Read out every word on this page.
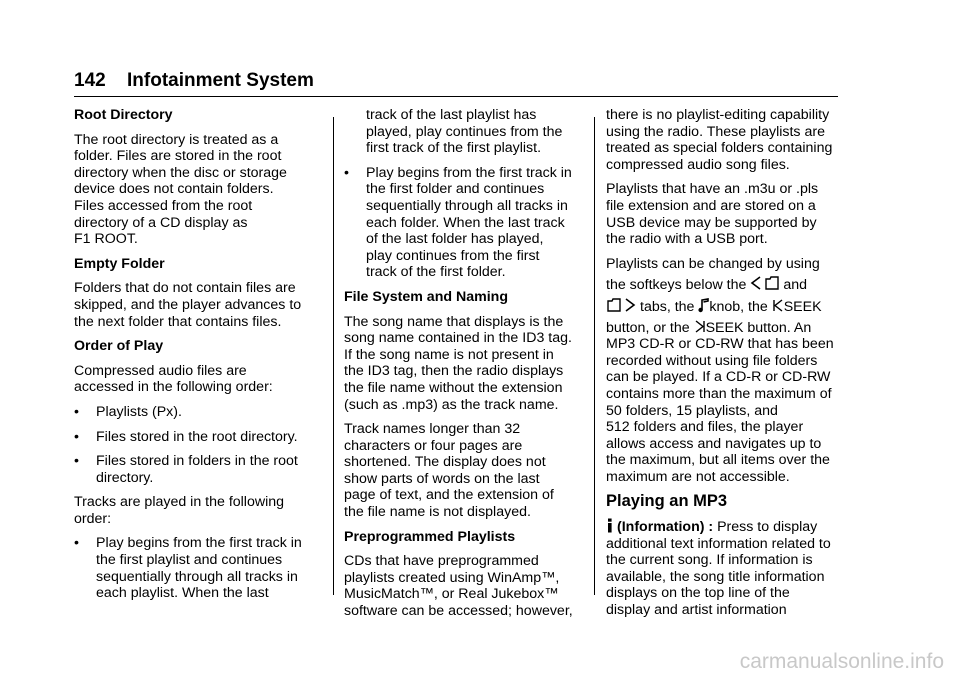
142 Infotainment System
Root Directory
The root directory is treated as a
folder. Files are stored in the root
directory when the disc or storage
device does not contain folders.
Files accessed from the root
directory of a CD display as
F1 ROOT.
Empty Folder
Folders that do not contain files are
skipped, and the player advances to
the next folder that contains files.
Order of Play
Compressed audio files are
accessed in the following order:
• Playlists (Px).
• Files stored in the root directory.
• Files stored in folders in the root
directory.
Tracks are played in the following
order:
• Play begins from the first track in
the first playlist and continues
sequentially through all tracks in
each playlist. When the last
track of the last playlist has
played, play continues from the
first track of the first playlist.
• Play begins from the first track in
the first folder and continues
sequentially through all tracks in
each folder. When the last track
of the last folder has played,
play continues from the first
track of the first folder.
File System and Naming
The song name that displays is the
song name contained in the ID3 tag.
If the song name is not present in
the ID3 tag, then the radio displays
the file name without the extension
(such as .mp3) as the track name.
Track names longer than 32
characters or four pages are
shortened. The display does not
show parts of words on the last
page of text, and the extension of
the file name is not displayed.
Preprogrammed Playlists
CDs that have preprogrammed
playlists created using WinAmp™,
MusicMatch™, or Real Jukebox™
software can be accessed; however,
there is no playlist-editing capability
using the radio. These playlists are
treated as special folders containing
compressed audio song files.
Playlists that have an .m3u or .pls
file extension and are stored on a
USB device may be supported by
the radio with a USB port.
Playlists can be changed by using
the softkeys below the
and
tabs, the
knob, the
SEEK
button, or the
SEEK button. An
MP3 CD-R or CD-RW that has been
recorded without using file folders
can be played. If a CD-R or CD-RW
contains more than the maximum of
50 folders, 15 playlists, and
512 folders and files, the player
allows access and navigates up to
the maximum, but all items over the
maximum are not accessible.
Playing an MP3
(Information) : Press to display
additional text information related to
the current song. If information is
available, the song title information
displays on the top line of the
display and artist information
carmanualsonline.info
